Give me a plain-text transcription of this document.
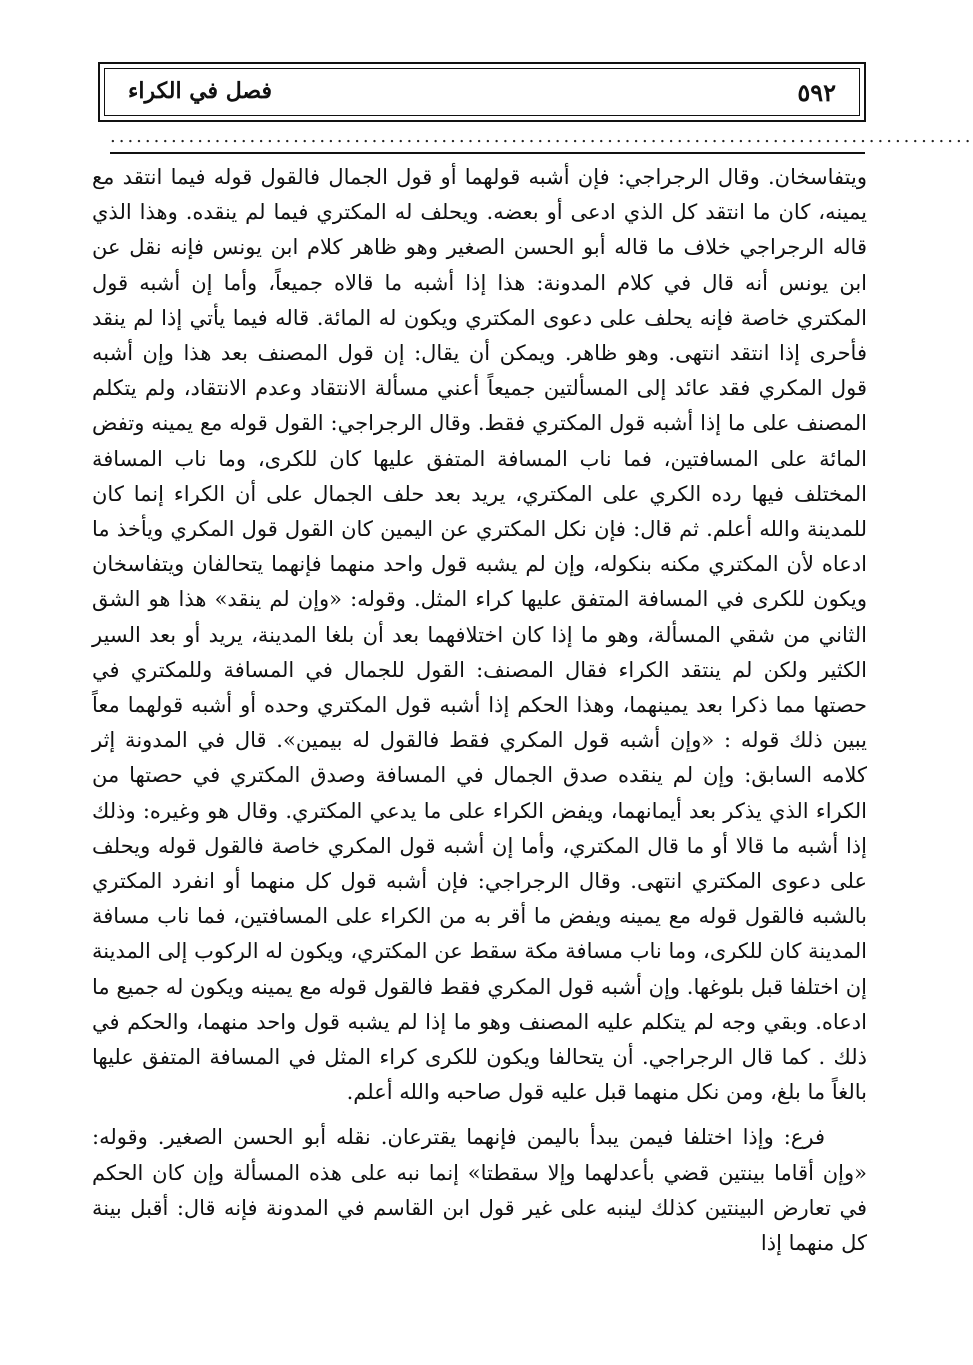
٥٩٢
فصل في الكراء
...................................................................................................

ويتفاسخان. وقال الرجراجي: فإن أشبه قولهما أو قول الجمال فالقول قوله فيما انتقد مع يمينه، كان ما انتقد كل الذي ادعى أو بعضه. ويحلف له المكتري فيما لم ينقده. وهذا الذي قاله الرجراجي خلاف ما قاله أبو الحسن الصغير وهو ظاهر كلام ابن يونس فإنه نقل عن ابن يونس أنه قال في كلام المدونة: هذا إذا أشبه ما قالاه جميعاً، وأما إن أشبه قول المكتري خاصة فإنه يحلف على دعوى المكتري ويكون له المائة. قاله فيما يأتي إذا لم ينقد فأحرى إذا انتقد انتهى. وهو ظاهر. ويمكن أن يقال: إن قول المصنف بعد هذا وإن أشبه قول المكري فقد عائد إلى المسألتين جميعاً أعني مسألة الانتقاد وعدم الانتقاد، ولم يتكلم المصنف على ما إذا أشبه قول المكتري فقط. وقال الرجراجي: القول قوله مع يمينه وتفض المائة على المسافتين، فما ناب المسافة المتفق عليها كان للكرى، وما ناب المسافة المختلف فيها رده الكري على المكتري، يريد بعد حلف الجمال على أن الكراء إنما كان للمدينة والله أعلم. ثم قال: فإن نكل المكتري عن اليمين كان القول قول المكري ويأخذ ما ادعاه لأن المكتري مكنه بنكوله، وإن لم يشبه قول واحد منهما فإنهما يتحالفان ويتفاسخان ويكون للكرى في المسافة المتفق عليها كراء المثل. وقوله: «وإن لم ينقد» هذا هو الشق الثاني من شقي المسألة، وهو ما إذا كان اختلافهما بعد أن بلغا المدينة، يريد أو بعد السير الكثير ولكن لم ينتقد الكراء فقال المصنف: القول للجمال في المسافة وللمكتري في حصتها مما ذكرا بعد يمينهما، وهذا الحكم إذا أشبه قول المكتري وحده أو أشبه قولهما معاً يبين ذلك قوله : «وإن أشبه قول المكري فقط فالقول له بيمين». قال في المدونة إثر كلامه السابق: وإن لم ينقده صدق الجمال في المسافة وصدق المكتري في حصتها من الكراء الذي يذكر بعد أيمانهما، ويفض الكراء على ما يدعي المكتري. وقال هو وغيره: وذلك إذا أشبه ما قالا أو ما قال المكتري، وأما إن أشبه قول المكري خاصة فالقول قوله ويحلف على دعوى المكتري انتهى. وقال الرجراجي: فإن أشبه قول كل منهما أو انفرد المكتري بالشبه فالقول قوله مع يمينه ويفض ما أقر به من الكراء على المسافتين، فما ناب مسافة المدينة كان للكرى، وما ناب مسافة مكة سقط عن المكتري، ويكون له الركوب إلى المدينة إن اختلفا قبل بلوغها. وإن أشبه قول المكري فقط فالقول قوله مع يمينه ويكون له جميع ما ادعاه. وبقي وجه لم يتكلم عليه المصنف وهو ما إذا لم يشبه قول واحد منهما، والحكم في ذلك . كما قال الرجراجي. أن يتحالفا ويكون للكرى كراء المثل في المسافة المتفق عليها بالغاً ما بلغ، ومن نكل منهما قبل عليه قول صاحبه والله أعلم.

فرع: وإذا اختلفا فيمن يبدأ باليمن فإنهما يقترعان. نقله أبو الحسن الصغير. وقوله: «وإن أقاما بينتين قضي بأعدلهما وإلا سقطتا» إنما نبه على هذه المسألة وإن كان الحكم في تعارض البينتين كذلك لينبه على غير قول ابن القاسم في المدونة فإنه قال: أقبل بينة كل منهما إذا
